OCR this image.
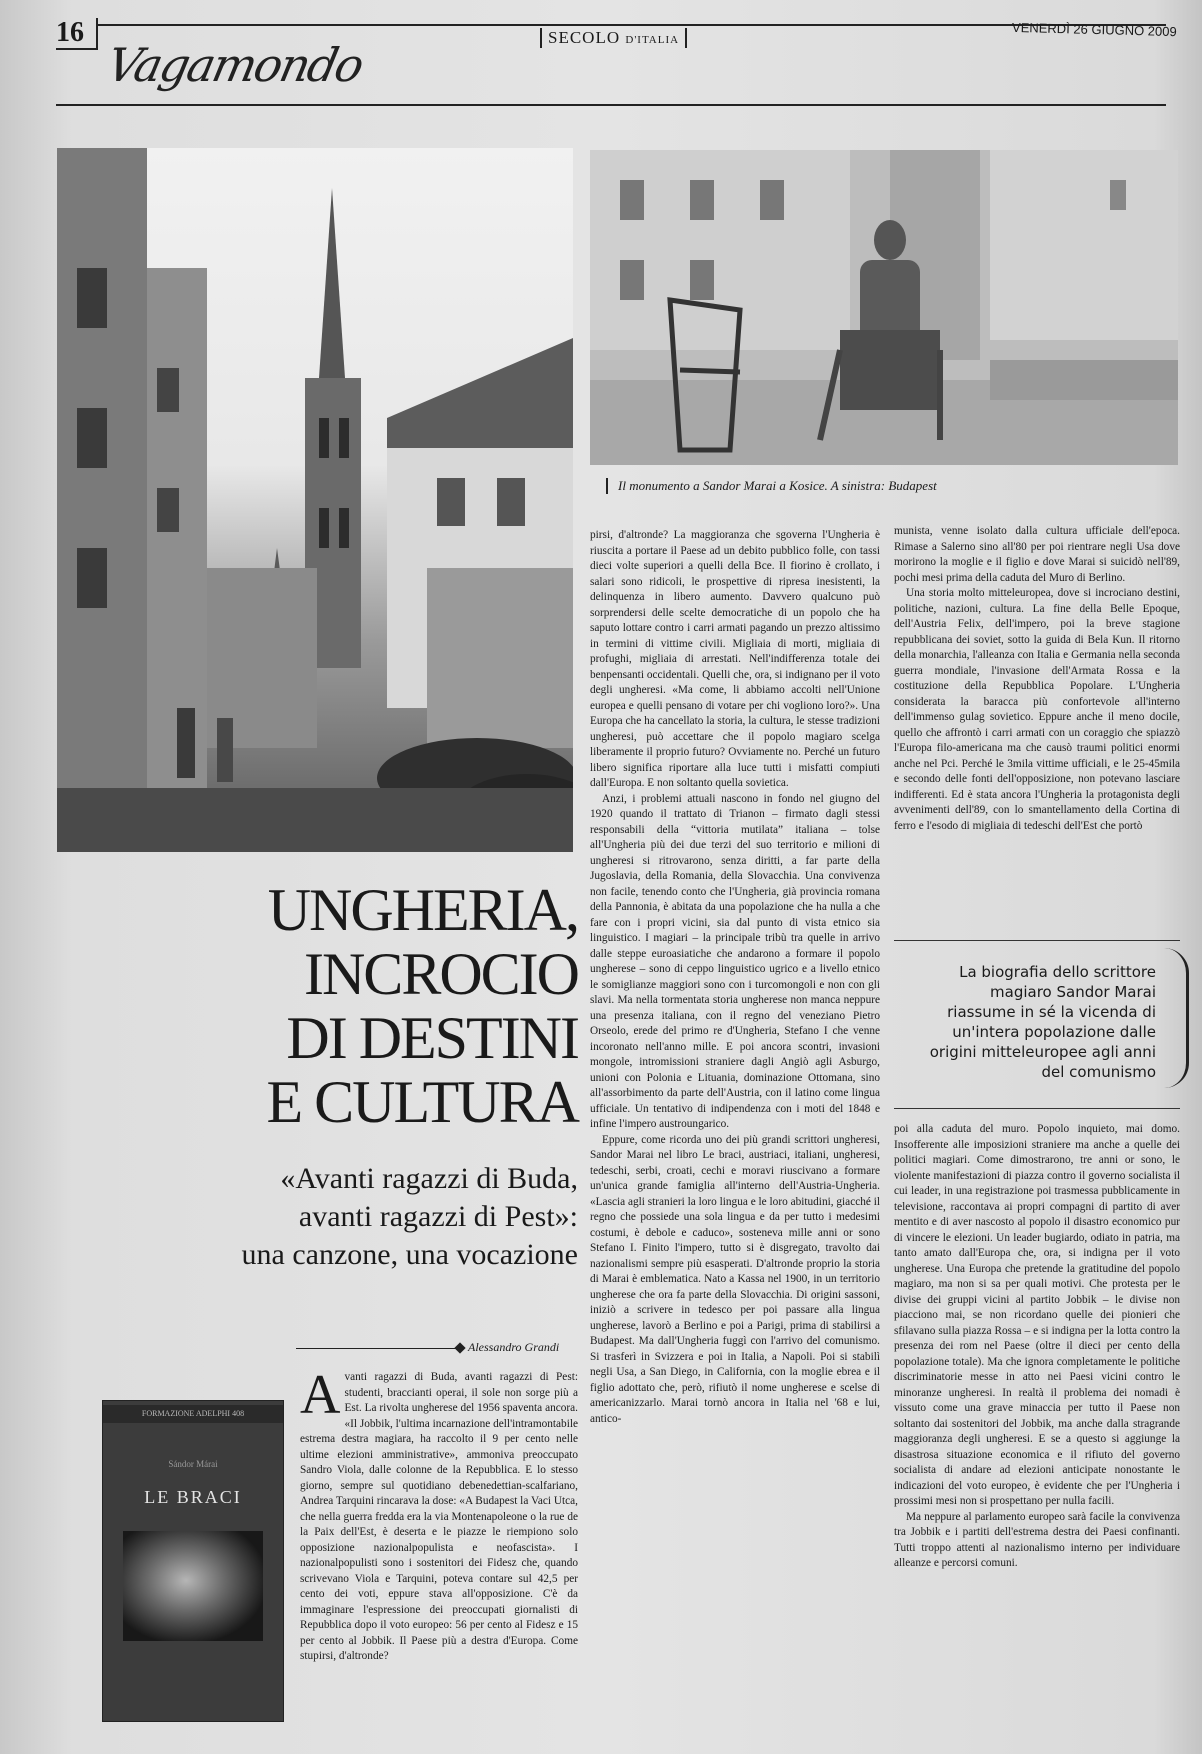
16	SECOLO D'ITALIA
VENERDÌ 26 GIUGNO 2009
Vagamondo
Il monumento a Sandor Marai a Kosice. A sinistra: Budapest
UNGHERIA,
INCROCIO
DI DESTINI
E CULTURA
«Avanti ragazzi di Buda,
avanti ragazzi di Pest»:
una canzone, una vocazione
Alessandro Grandi
FORMAZIONE ADELPHI 408
Sándor Márai
LE BRACI
A vanti ragazzi di Buda, avanti ragazzi di Pest: studenti, braccianti operai, il sole non sorge più a Est. La rivolta ungherese del 1956 spaventa ancora. «Il Jobbik, l'ultima incarnazione dell'intramontabile estrema destra magiara, ha raccolto il 9 per cento nelle ultime elezioni amministrative», ammoniva preoccupato Sandro Viola, dalle colonne de la Repubblica. E lo stesso giorno, sempre sul quotidiano debenedettian-scalfariano, Andrea Tarquini rincarava la dose: «A Budapest la Vaci Utca, che nella guerra fredda era la via Montenapoleone o la rue de la Paix dell'Est, è deserta e le piazze le riempiono solo opposizione nazionalpopulista e neofascista». I nazionalpopulisti sono i sostenitori dei Fidesz che, quando scrivevano Viola e Tarquini, poteva contare sul 42,5 per cento dei voti, eppure stava all'opposizione. C'è da immaginare l'espressione dei preoccupati giornalisti di Repubblica dopo il voto europeo: 56 per cento al Fidesz e 15 per cento al Jobbik. Il Paese più a destra d'Europa. Come stupirsi, d'altronde?

pirsi, d'altronde? La maggioranza che sgoverna l'Ungheria è riuscita a portare il Paese ad un debito pubblico folle, con tassi dieci volte superiori a quelli della Bce. Il fiorino è crollato, i salari sono ridicoli, le prospettive di ripresa inesistenti, la delinquenza in libero aumento. Davvero qualcuno può sorprendersi delle scelte democratiche di un popolo che ha saputo lottare contro i carri armati pagando un prezzo altissimo in termini di vittime civili. Migliaia di morti, migliaia di profughi, migliaia di arrestati. Nell'indifferenza totale dei benpensanti occidentali. Quelli che, ora, si indignano per il voto degli ungheresi. «Ma come, li abbiamo accolti nell'Unione europea e quelli pensano di votare per chi vogliono loro?». Una Europa che ha cancellato la storia, la cultura, le stesse tradizioni ungheresi, può accettare che il popolo magiaro scelga liberamente il proprio futuro? Ovviamente no. Perché un futuro libero significa riportare alla luce tutti i misfatti compiuti dall'Europa. E non soltanto quella sovietica.

Anzi, i problemi attuali nascono in fondo nel giugno del 1920 quando il trattato di Trianon – firmato dagli stessi responsabili della “vittoria mutilata” italiana – tolse all'Ungheria più dei due terzi del suo territorio e milioni di ungheresi si ritrovarono, senza diritti, a far parte della Jugoslavia, della Romania, della Slovacchia. Una convivenza non facile, tenendo conto che l'Ungheria, già provincia romana della Pannonia, è abitata da una popolazione che ha nulla a che fare con i propri vicini, sia dal punto di vista etnico sia linguistico. I magiari – la principale tribù tra quelle in arrivo dalle steppe euroasiatiche che andarono a formare il popolo ungherese – sono di ceppo linguistico ugrico e a livello etnico le somiglianze maggiori sono con i turcomongoli e non con gli slavi. Ma nella tormentata storia ungherese non manca neppure una presenza italiana, con il regno del veneziano Pietro Orseolo, erede del primo re d'Ungheria, Stefano I che venne incoronato nell'anno mille. E poi ancora scontri, invasioni mongole, intromissioni straniere dagli Angiò agli Asburgo, unioni con Polonia e Lituania, dominazione Ottomana, sino all'assorbimento da parte dell'Austria, con il latino come lingua ufficiale. Un tentativo di indipendenza con i moti del 1848 e infine l'impero austroungarico.

Eppure, come ricorda uno dei più grandi scrittori ungheresi, Sandor Marai nel libro Le braci, austriaci, italiani, ungheresi, tedeschi, serbi, croati, cechi e moravi riuscivano a formare un'unica grande famiglia all'interno dell'Austria-Ungheria. «Lascia agli stranieri la loro lingua e le loro abitudini, giacché il regno che possiede una sola lingua e da per tutto i medesimi costumi, è debole e caduco», sosteneva mille anni or sono Stefano I. Finito l'impero, tutto si è disgregato, travolto dai nazionalismi sempre più esasperati. D'altronde proprio la storia di Marai è emblematica. Nato a Kassa nel 1900, in un territorio ungherese che ora fa parte della Slovacchia. Di origini sassoni, iniziò a scrivere in tedesco per poi passare alla lingua ungherese, lavorò a Berlino e poi a Parigi, prima di stabilirsi a Budapest. Ma dall'Ungheria fuggì con l'arrivo del comunismo. Si trasferì in Svizzera e poi in Italia, a Napoli. Poi si stabilì negli Usa, a San Diego, in California, con la moglie ebrea e il figlio adottato che, però, rifiutò il nome ungherese e scelse di americanizzarlo. Marai tornò ancora in Italia nel '68 e lui, antico-

munista, venne isolato dalla cultura ufficiale dell'epoca. Rimase a Salerno sino all'80 per poi rientrare negli Usa dove morirono la moglie e il figlio e dove Marai si suicidò nell'89, pochi mesi prima della caduta del Muro di Berlino.

Una storia molto mitteleuropea, dove si incrociano destini, politiche, nazioni, cultura. La fine della Belle Epoque, dell'Austria Felix, dell'impero, poi la breve stagione repubblicana dei soviet, sotto la guida di Bela Kun. Il ritorno della monarchia, l'alleanza con Italia e Germania nella seconda guerra mondiale, l'invasione dell'Armata Rossa e la costituzione della Repubblica Popolare. L'Ungheria considerata la baracca più confortevole all'interno dell'immenso gulag sovietico. Eppure anche il meno docile, quello che affrontò i carri armati con un coraggio che spiazzò l'Europa filo-americana ma che causò traumi politici enormi anche nel Pci. Perché le 3mila vittime ufficiali, e le 25-45mila e secondo delle fonti dell'opposizione, non potevano lasciare indifferenti. Ed è stata ancora l'Ungheria la protagonista degli avvenimenti dell'89, con lo smantellamento della Cortina di ferro e l'esodo di migliaia di tedeschi dell'Est che portò

La biografia dello scrittore magiaro Sandor Marai riassume in sé la vicenda di un'intera popolazione dalle origini mitteleuropee agli anni del comunismo

poi alla caduta del muro. Popolo inquieto, mai domo. Insofferente alle imposizioni straniere ma anche a quelle dei politici magiari. Come dimostrarono, tre anni or sono, le violente manifestazioni di piazza contro il governo socialista il cui leader, in una registrazione poi trasmessa pubblicamente in televisione, raccontava ai propri compagni di partito di aver mentito e di aver nascosto al popolo il disastro economico pur di vincere le elezioni. Un leader bugiardo, odiato in patria, ma tanto amato dall'Europa che, ora, si indigna per il voto ungherese. Una Europa che pretende la gratitudine del popolo magiaro, ma non si sa per quali motivi. Che protesta per le divise dei gruppi vicini al partito Jobbik – le divise non piacciono mai, se non ricordano quelle dei pionieri che sfilavano sulla piazza Rossa – e si indigna per la lotta contro la presenza dei rom nel Paese (oltre il dieci per cento della popolazione totale). Ma che ignora completamente le politiche discriminatorie messe in atto nei Paesi vicini contro le minoranze ungheresi. In realtà il problema dei nomadi è vissuto come una grave minaccia per tutto il Paese non soltanto dai sostenitori del Jobbik, ma anche dalla stragrande maggioranza degli ungheresi. E se a questo si aggiunge la disastrosa situazione economica e il rifiuto del governo socialista di andare ad elezioni anticipate nonostante le indicazioni del voto europeo, è evidente che per l'Ungheria i prossimi mesi non si prospettano per nulla facili.

Ma neppure al parlamento europeo sarà facile la convivenza tra Jobbik e i partiti dell'estrema destra dei Paesi confinanti. Tutti troppo attenti al nazionalismo interno per individuare alleanze e percorsi comuni.
